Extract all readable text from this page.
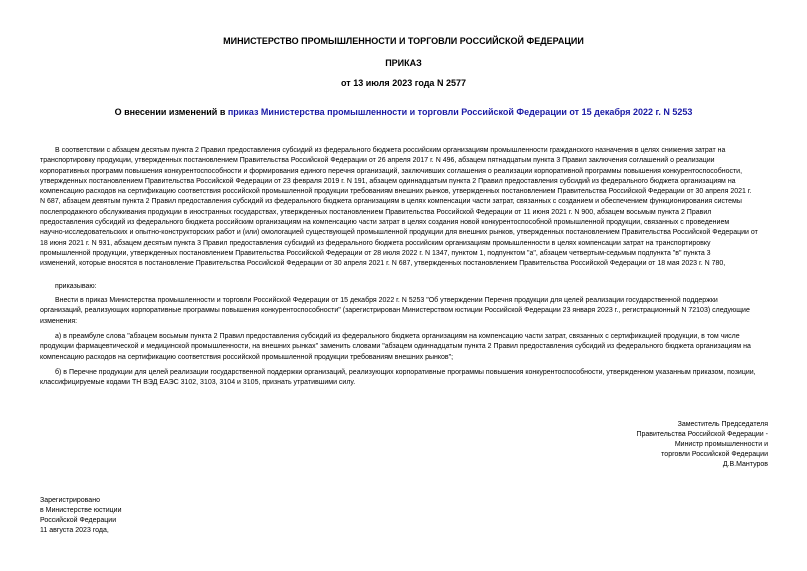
МИНИСТЕРСТВО ПРОМЫШЛЕННОСТИ И ТОРГОВЛИ РОССИЙСКОЙ ФЕДЕРАЦИИ
ПРИКАЗ
от 13 июля 2023 года N 2577
О внесении изменений в приказ Министерства промышленности и торговли Российской Федерации от 15 декабря 2022 г. N 5253
В соответствии с абзацем десятым пункта 2 Правил предоставления субсидий из федерального бюджета российским организациям промышленности гражданского назначения в целях снижения затрат на
транспортировку продукции, утвержденных постановлением Правительства Российской Федерации от 26 апреля 2017 г. N 496, абзацем пятнадцатым пункта 3 Правил заключения соглашений о реализации
корпоративных программ повышения конкурентоспособности и формирования единого перечня организаций, заключивших соглашения о реализации корпоративной программы повышения конкурентоспособности,
утвержденных постановлением Правительства Российской Федерации от 23 февраля 2019 г. N 191, абзацем одиннадцатым пункта 2 Правил предоставления субсидий из федерального бюджета организациям на
компенсацию расходов на сертификацию соответствия российской промышленной продукции требованиям внешних рынков, утвержденных постановлением Правительства Российской Федерации от 30 апреля 2021 г.
N 687, абзацем девятым пункта 2 Правил предоставления субсидий из федерального бюджета организациям в целях компенсации части затрат, связанных с созданием и обеспечением функционирования системы
послепродажного обслуживания продукции в иностранных государствах, утвержденных постановлением Правительства Российской Федерации от 11 июня 2021 г. N 900, абзацем восьмым пункта 2 Правил
предоставления субсидий из федерального бюджета российским организациям на компенсацию части затрат в целях создания новой конкурентоспособной промышленной продукции, связанных с проведением
научно-исследовательских и опытно-конструкторских работ и (или) омологацией существующей промышленной продукции для внешних рынков, утвержденных постановлением Правительства Российской Федерации от
18 июня 2021 г. N 931, абзацем десятым пункта 3 Правил предоставления субсидий из федерального бюджета российским организациям промышленности в целях компенсации затрат на транспортировку
промышленной продукции, утвержденных постановлением Правительства Российской Федерации от 28 июля 2022 г. N 1347, пунктом 1, подпунктом "а", абзацем четвертым-седьмым подпункта "в" пункта 3
изменений, которые вносятся в постановление Правительства Российской Федерации от 30 апреля 2021 г. N 687, утвержденных постановлением Правительства Российской Федерации от 18 мая 2023 г. N 780,
приказываю:
Внести в приказ Министерства промышленности и торговли Российской Федерации от 15 декабря 2022 г. N 5253 "Об утверждении Перечня продукции для целей реализации государственной поддержки
организаций, реализующих корпоративные программы повышения конкурентоспособности" (зарегистрирован Министерством юстиции Российской Федерации 23 января 2023 г., регистрационный N 72103) следующие
изменения:
а) в преамбуле слова "абзацем восьмым пункта 2 Правил предоставления субсидий из федерального бюджета организациям на компенсацию части затрат, связанных с сертификацией продукции, в том числе
продукции фармацевтической и медицинской промышленности, на внешних рынках" заменить словами "абзацем одиннадцатым пункта 2 Правил предоставления субсидий из федерального бюджета организациям на
компенсацию расходов на сертификацию соответствия российской промышленной продукции требованиям внешних рынков";
б) в Перечне продукции для целей реализации государственной поддержки организаций, реализующих корпоративные программы повышения конкурентоспособности, утвержденном указанным приказом, позиции,
классифицируемые кодами ТН ВЭД ЕАЭС 3102, 3103, 3104 и 3105, признать утратившими силу.
Заместитель Председателя
Правительства Российской Федерации -
Министр промышленности и
торговли Российской Федерации
Д.В.Мантуров
Зарегистрировано
в Министерстве юстиции
Российской Федерации
11 августа 2023 года,
